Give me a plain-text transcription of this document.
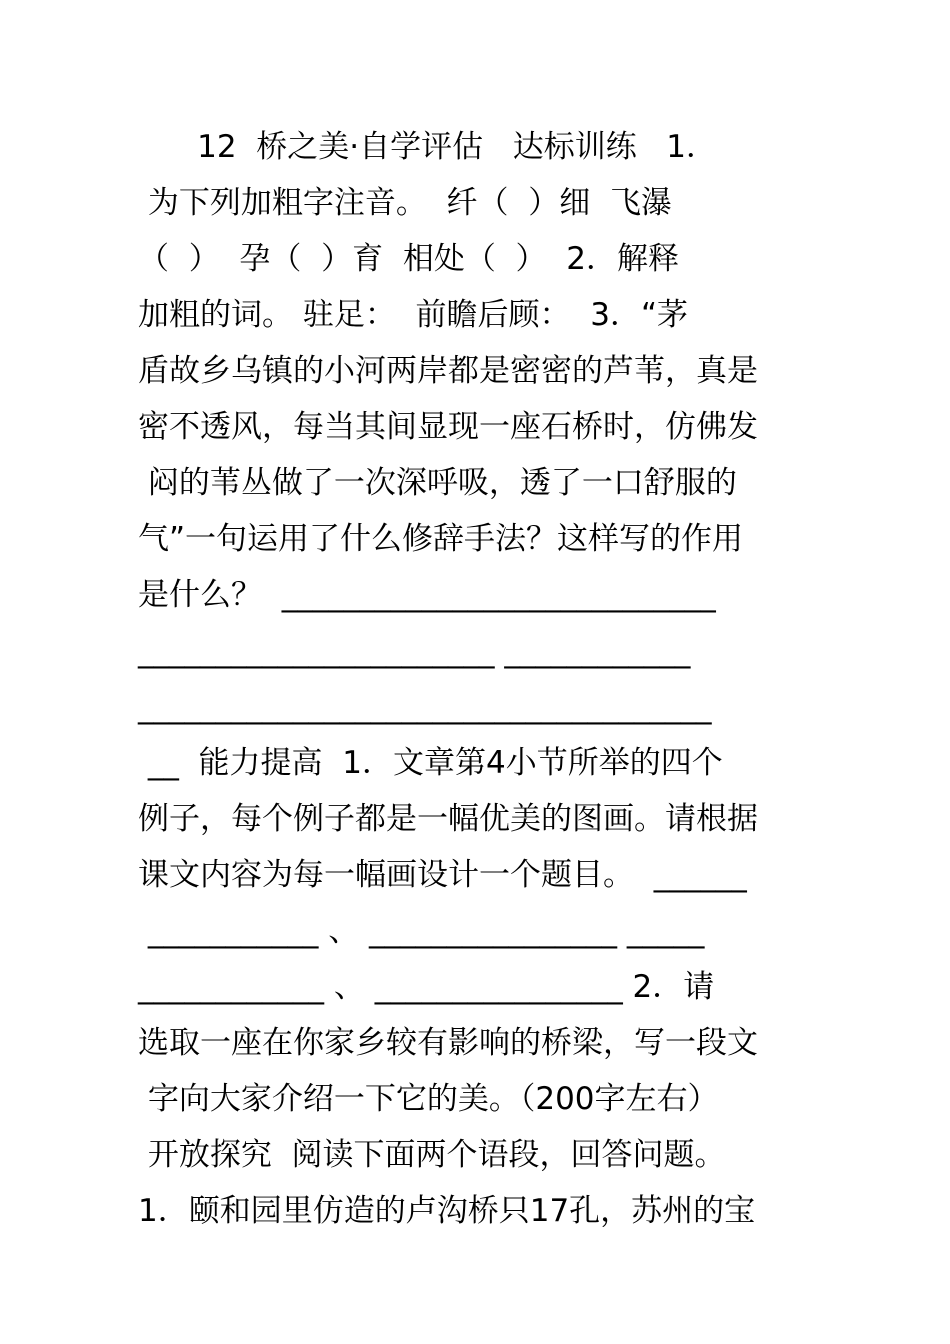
12  桥之美·自学评估   达标训练   1．
为下列加粗字注音。  纤（  ）细  飞瀑
（  ）  孕（  ）育  相处（  ）  2．解释
加粗的词。 驻足：  前瞻后顾：  3．“茅
盾故乡乌镇的小河两岸都是密密的芦苇，真是
密不透风，每当其间显现一座石桥时，仿佛发
闷的苇丛做了一次深呼吸，透了一口舒服的
气”一句运用了什么修辞手法？这样写的作用
是什么？  ____________________________
_______________________ ____________
_____________________________________
__  能力提高  1．文章第4小节所举的四个
例子，每个例子都是一幅优美的图画。请根据
课文内容为每一幅画设计一个题目。  ______
___________ 、 ________________ _____
____________ 、 ________________ 2．请
选取一座在你家乡较有影响的桥梁，写一段文
字向大家介绍一下它的美。（200字左右）
开放探究  阅读下面两个语段，回答问题。
1．颐和园里仿造的卢沟桥只17孔，苏州的宝
